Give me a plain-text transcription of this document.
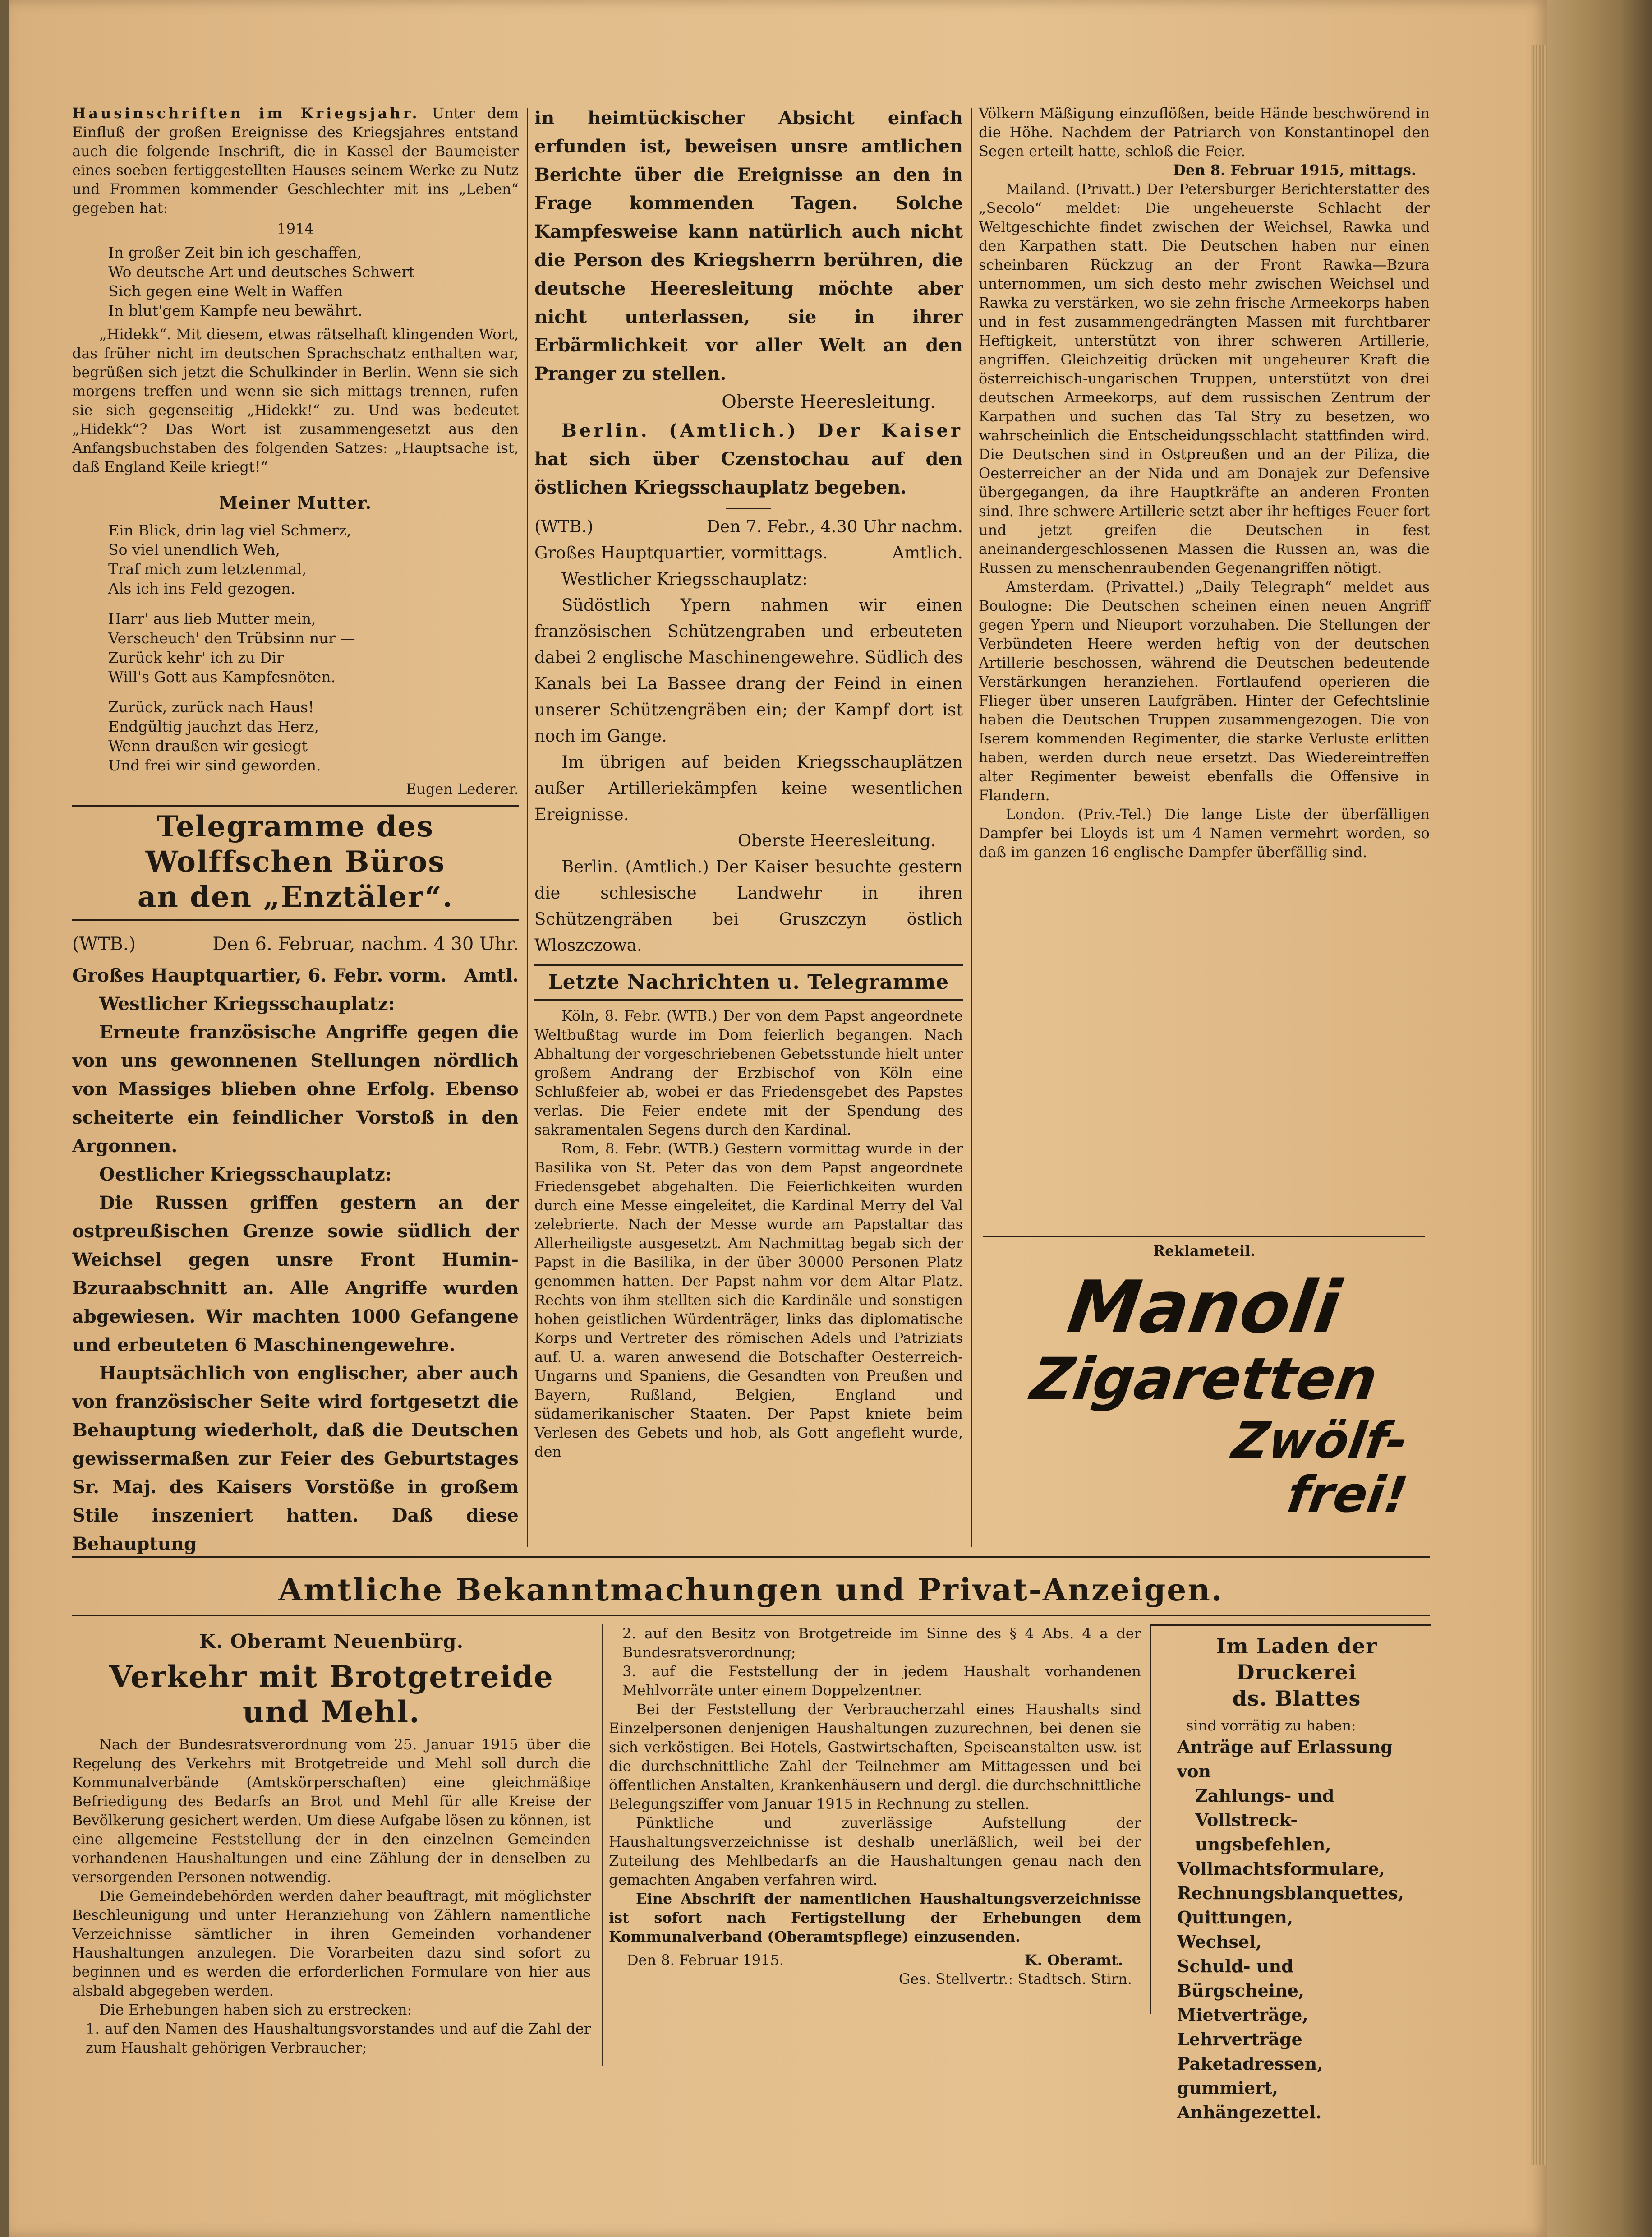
Hausinschriften im Kriegsjahr. Unter dem Einfluß der großen Ereignisse des Kriegsjahres entstand auch die folgende Inschrift, die in Kassel der Baumeister eines soeben fertiggestellten Hauses seinem Werke zu Nutz und Frommen kommender Geschlechter mit ins „Leben“ gegeben hat:

1914

In großer Zeit bin ich geschaffen,
Wo deutsche Art und deutsches Schwert
Sich gegen eine Welt in Waffen
In blut'gem Kampfe neu bewährt.

„Hidekk“. Mit diesem, etwas rätselhaft klingenden Wort, das früher nicht im deutschen Sprachschatz enthalten war, begrüßen sich jetzt die Schulkinder in Berlin. Wenn sie sich morgens treffen und wenn sie sich mittags trennen, rufen sie sich gegenseitig „Hidekk!“ zu. Und was bedeutet „Hidekk“? Das Wort ist zusammengesetzt aus den Anfangsbuchstaben des folgenden Satzes: „Hauptsache ist, daß England Keile kriegt!“

Meiner Mutter.

Ein Blick, drin lag viel Schmerz,
So viel unendlich Weh,
Traf mich zum letztenmal,
Als ich ins Feld gezogen.
Harr' aus lieb Mutter mein,
Verscheuch' den Trübsinn nur —
Zurück kehr' ich zu Dir
Will's Gott aus Kampfesnöten.
Zurück, zurück nach Haus!
Endgültig jauchzt das Herz,
Wenn draußen wir gesiegt
Und frei wir sind geworden.

Eugen Lederer.

Telegramme des Wolffschen Büros

an den „Enztäler“.

(WTB.)	Den 6. Februar, nachm. 4 30 Uhr.
Großes Hauptquartier, 6. Febr. vorm. Amtl.

Westlicher Kriegsschauplatz:

Erneute französische Angriffe gegen die von uns gewonnenen Stellungen nördlich von Massiges blieben ohne Erfolg. Ebenso scheiterte ein feindlicher Vorstoß in den Argonnen.

Oestlicher Kriegsschauplatz:

Die Russen griffen gestern an der ostpreußischen Grenze sowie südlich der Weichsel gegen unsre Front Humin-Bzuraabschnitt an. Alle Angriffe wurden abgewiesen. Wir machten 1000 Gefangene und erbeuteten 6 Maschinengewehre.

Hauptsächlich von englischer, aber auch von französischer Seite wird fortgesetzt die Behauptung wiederholt, daß die Deutschen gewissermaßen zur Feier des Geburtstages Sr. Maj. des Kaisers Vorstöße in großem Stile inszeniert hatten. Daß diese Behauptung

in heimtückischer Absicht einfach erfunden ist, beweisen unsre amtlichen Berichte über die Ereignisse an den in Frage kommenden Tagen. Solche Kampfesweise kann natürlich auch nicht die Person des Kriegsherrn berühren, die deutsche Heeresleitung möchte aber nicht unterlassen, sie in ihrer Erbärmlichkeit vor aller Welt an den Pranger zu stellen.

Oberste Heeresleitung.

Berlin. (Amtlich.) Der Kaiser hat sich über Czenstochau auf den östlichen Kriegsschauplatz begeben.

(WTB.)	Den 7. Febr., 4.30 Uhr nachm.
Großes Hauptquartier, vormittags.	Amtlich.

Westlicher Kriegsschauplatz:

Südöstlich Ypern nahmen wir einen französischen Schützengraben und erbeuteten dabei 2 englische Maschinengewehre. Südlich des Kanals bei La Bassee drang der Feind in einen unserer Schützengräben ein; der Kampf dort ist noch im Gange.

Im übrigen auf beiden Kriegsschauplätzen außer Artilleriekämpfen keine wesentlichen Ereignisse.

Oberste Heeresleitung.

Berlin. (Amtlich.) Der Kaiser besuchte gestern die schlesische Landwehr in ihren Schützengräben bei Gruszczyn östlich Wloszczowa.

Letzte Nachrichten u. Telegramme

Köln, 8. Febr. (WTB.) Der von dem Papst angeordnete Weltbußtag wurde im Dom feierlich begangen. Nach Abhaltung der vorgeschriebenen Gebetsstunde hielt unter großem Andrang der Erzbischof von Köln eine Schlußfeier ab, wobei er das Friedensgebet des Papstes verlas. Die Feier endete mit der Spendung des sakramentalen Segens durch den Kardinal.

Rom, 8. Febr. (WTB.) Gestern vormittag wurde in der Basilika von St. Peter das von dem Papst angeordnete Friedensgebet abgehalten. Die Feierlichkeiten wurden durch eine Messe eingeleitet, die Kardinal Merry del Val zelebrierte. Nach der Messe wurde am Papstaltar das Allerheiligste ausgesetzt. Am Nachmittag begab sich der Papst in die Basilika, in der über 30000 Personen Platz genommen hatten. Der Papst nahm vor dem Altar Platz. Rechts von ihm stellten sich die Kardinäle und sonstigen hohen geistlichen Würdenträger, links das diplomatische Korps und Vertreter des römischen Adels und Patriziats auf. U. a. waren anwesend die Botschafter Oesterreich-Ungarns und Spaniens, die Gesandten von Preußen und Bayern, Rußland, Belgien, England und südamerikanischer Staaten. Der Papst kniete beim Verlesen des Gebets und hob, als Gott angefleht wurde, den

Völkern Mäßigung einzuflößen, beide Hände beschwörend in die Höhe. Nachdem der Patriarch von Konstantinopel den Segen erteilt hatte, schloß die Feier.

Den 8. Februar 1915, mittags.

Mailand. (Privatt.) Der Petersburger Berichterstatter des „Secolo“ meldet: Die ungeheuerste Schlacht der Weltgeschichte findet zwischen der Weichsel, Rawka und den Karpathen statt. Die Deutschen haben nur einen scheinbaren Rückzug an der Front Rawka—Bzura unternommen, um sich desto mehr zwischen Weichsel und Rawka zu verstärken, wo sie zehn frische Armeekorps haben und in fest zusammengedrängten Massen mit furchtbarer Heftigkeit, unterstützt von ihrer schweren Artillerie, angriffen. Gleichzeitig drücken mit ungeheurer Kraft die österreichisch-ungarischen Truppen, unterstützt von drei deutschen Armeekorps, auf dem russischen Zentrum der Karpathen und suchen das Tal Stry zu besetzen, wo wahrscheinlich die Entscheidungsschlacht stattfinden wird. Die Deutschen sind in Ostpreußen und an der Piliza, die Oesterreicher an der Nida und am Donajek zur Defensive übergegangen, da ihre Hauptkräfte an anderen Fronten sind. Ihre schwere Artillerie setzt aber ihr heftiges Feuer fort und jetzt greifen die Deutschen in fest aneinandergeschlossenen Massen die Russen an, was die Russen zu menschenraubenden Gegenangriffen nötigt.

Amsterdam. (Privattel.) „Daily Telegraph“ meldet aus Boulogne: Die Deutschen scheinen einen neuen Angriff gegen Ypern und Nieuport vorzuhaben. Die Stellungen der Verbündeten Heere werden heftig von der deutschen Artillerie beschossen, während die Deutschen bedeutende Verstärkungen heranziehen. Fortlaufend operieren die Flieger über unseren Laufgräben. Hinter der Gefechtslinie haben die Deutschen Truppen zusammengezogen. Die von Iserem kommenden Regimenter, die starke Verluste erlitten haben, werden durch neue ersetzt. Das Wiedereintreffen alter Regimenter beweist ebenfalls die Offensive in Flandern.

London. (Priv.-Tel.) Die lange Liste der überfälligen Dampfer bei Lloyds ist um 4 Namen vermehrt worden, so daß im ganzen 16 englische Dampfer überfällig sind.

Reklameteil.

Manoli
Zigaretten
Zwölf-
frei!
Amtliche Bekanntmachungen und Privat-Anzeigen.

K. Oberamt Neuenbürg.

Verkehr mit Brotgetreide und Mehl.

Nach der Bundesratsverordnung vom 25. Januar 1915 über die Regelung des Verkehrs mit Brotgetreide und Mehl soll durch die Kommunalverbände (Amtskörperschaften) eine gleichmäßige Befriedigung des Bedarfs an Brot und Mehl für alle Kreise der Bevölkerung gesichert werden. Um diese Aufgabe lösen zu können, ist eine allgemeine Feststellung der in den einzelnen Gemeinden vorhandenen Haushaltungen und eine Zählung der in denselben zu versorgenden Personen notwendig.

Die Gemeindebehörden werden daher beauftragt, mit möglichster Beschleunigung und unter Heranziehung von Zählern namentliche Verzeichnisse sämtlicher in ihren Gemeinden vorhandener Haushaltungen anzulegen. Die Vorarbeiten dazu sind sofort zu beginnen und es werden die erforderlichen Formulare von hier aus alsbald abgegeben werden.

Die Erhebungen haben sich zu erstrecken:

1. auf den Namen des Haushaltungsvorstandes und auf die Zahl der zum Haushalt gehörigen Verbraucher;

2. auf den Besitz von Brotgetreide im Sinne des § 4 Abs. 4 a der Bundesratsverordnung;

3. auf die Feststellung der in jedem Haushalt vorhandenen Mehlvorräte unter einem Doppelzentner.

Bei der Feststellung der Verbraucherzahl eines Haushalts sind Einzelpersonen denjenigen Haushaltungen zuzurechnen, bei denen sie sich verköstigen. Bei Hotels, Gastwirtschaften, Speiseanstalten usw. ist die durchschnittliche Zahl der Teilnehmer am Mittagessen und bei öffentlichen Anstalten, Krankenhäusern und dergl. die durchschnittliche Belegungsziffer vom Januar 1915 in Rechnung zu stellen.

Pünktliche und zuverlässige Aufstellung der Haushaltungsverzeichnisse ist deshalb unerläßlich, weil bei der Zuteilung des Mehlbedarfs an die Haushaltungen genau nach den gemachten Angaben verfahren wird.

Eine Abschrift der namentlichen Haushaltungsverzeichnisse ist sofort nach Fertigstellung der Erhebungen dem Kommunalverband (Oberamtspflege) einzusenden.

Den 8. Februar 1915.	K. Oberamt.

Ges. Stellvertr.: Stadtsch. Stirn.

Im Laden der Druckerei

ds. Blattes

sind vorrätig zu haben:

Anträge auf Erlassung von
Zahlungs- und Vollstreck-
ungsbefehlen,
Vollmachtsformulare,
Rechnungsblanquettes,
Quittungen,
Wechsel,
Schuld- und Bürgscheine,
Mietverträge,
Lehrverträge
Paketadressen, gummiert,
Anhängezettel.
